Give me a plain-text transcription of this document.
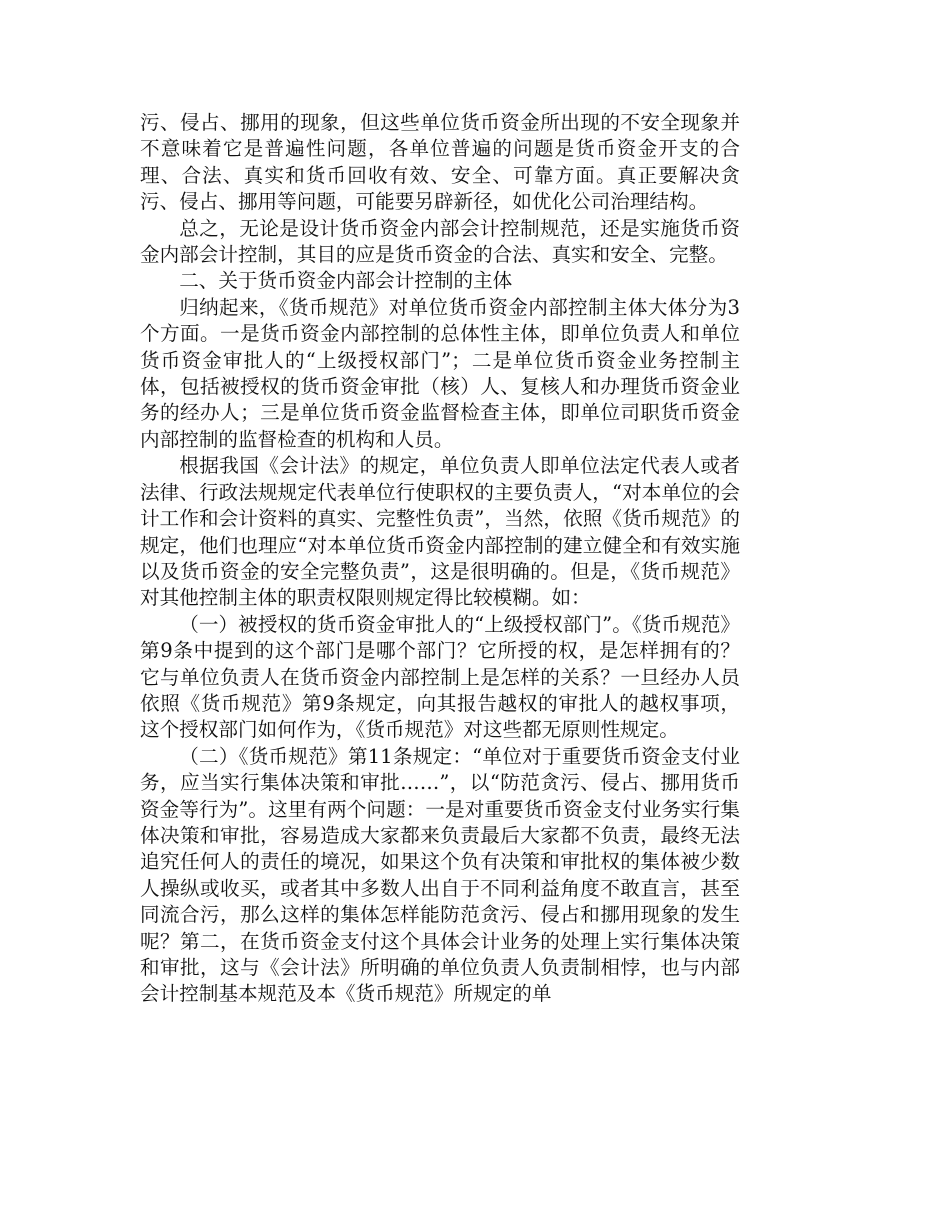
污、侵占、挪用的现象，但这些单位货币资金所出现的不安全现象并不意味着它是普遍性问题，各单位普遍的问题是货币资金开支的合理、合法、真实和货币回收有效、安全、可靠方面。真正要解决贪污、侵占、挪用等问题，可能要另辟新径，如优化公司治理结构。

总之，无论是设计货币资金内部会计控制规范，还是实施货币资金内部会计控制，其目的应是货币资金的合法、真实和安全、完整。

二、关于货币资金内部会计控制的主体

归纳起来，《货币规范》对单位货币资金内部控制主体大体分为3个方面。一是货币资金内部控制的总体性主体，即单位负责人和单位货币资金审批人的“上级授权部门”；二是单位货币资金业务控制主体，包括被授权的货币资金审批（核）人、复核人和办理货币资金业务的经办人；三是单位货币资金监督检查主体，即单位司职货币资金内部控制的监督检查的机构和人员。

根据我国《会计法》的规定，单位负责人即单位法定代表人或者法律、行政法规规定代表单位行使职权的主要负责人，“对本单位的会计工作和会计资料的真实、完整性负责”，当然，依照《货币规范》的规定，他们也理应“对本单位货币资金内部控制的建立健全和有效实施以及货币资金的安全完整负责”，这是很明确的。但是，《货币规范》对其他控制主体的职责权限则规定得比较模糊。如：

（一）被授权的货币资金审批人的“上级授权部门”。《货币规范》第9条中提到的这个部门是哪个部门？它所授的权，是怎样拥有的？它与单位负责人在货币资金内部控制上是怎样的关系？一旦经办人员依照《货币规范》第9条规定，向其报告越权的审批人的越权事项，这个授权部门如何作为，《货币规范》对这些都无原则性规定。

（二）《货币规范》第11条规定：“单位对于重要货币资金支付业务，应当实行集体决策和审批……”，以“防范贪污、侵占、挪用货币资金等行为”。这里有两个问题：一是对重要货币资金支付业务实行集体决策和审批，容易造成大家都来负责最后大家都不负责，最终无法追究任何人的责任的境况，如果这个负有决策和审批权的集体被少数人操纵或收买，或者其中多数人出自于不同利益角度不敢直言，甚至同流合污，那么这样的集体怎样能防范贪污、侵占和挪用现象的发生呢？第二，在货币资金支付这个具体会计业务的处理上实行集体决策和审批，这与《会计法》所明确的单位负责人负责制相悖，也与内部会计控制基本规范及本《货币规范》所规定的单
